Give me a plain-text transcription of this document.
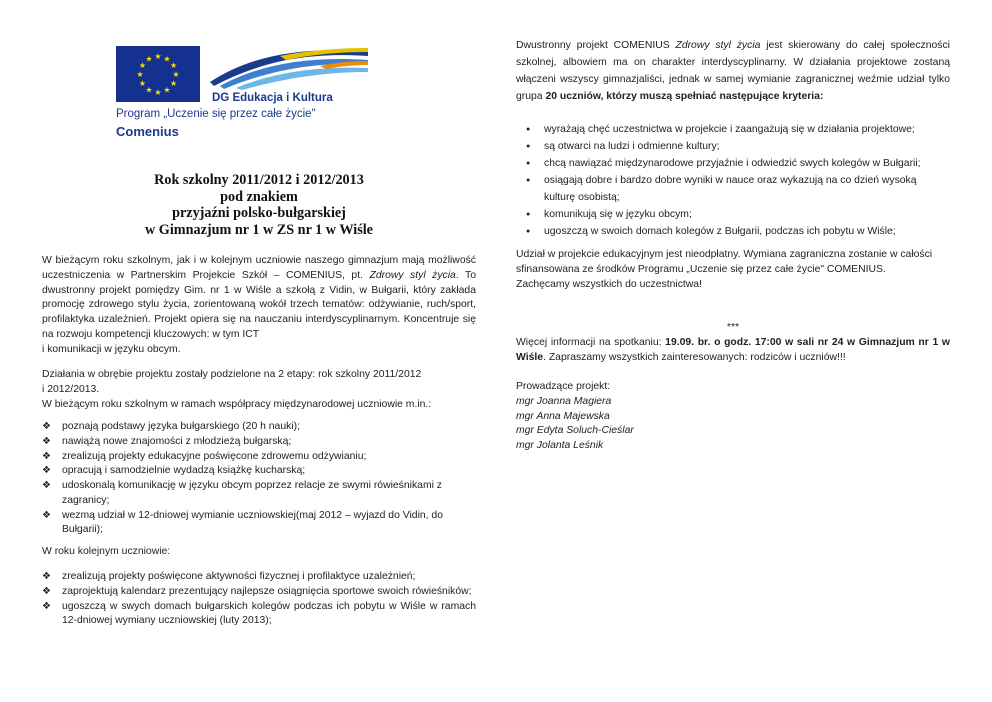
★ ★
★
★
★
★
★
★
★
★
★
★
DG Edukacja i Kultura
Program „Uczenie się przez całe życie"
Comenius
Rok szkolny 2011/2012 i 2012/2013
pod znakiem
przyjaźni polsko-bułgarskiej
w Gimnazjum nr 1 w ZS nr 1 w Wiśle

W bieżącym roku szkolnym, jak i w kolejnym uczniowie naszego gimnazjum mają możliwość uczestniczenia w Partnerskim Projekcie Szkół – COMENIUS, pt. Zdrowy styl życia. To dwustronny projekt pomiędzy Gim. nr 1 w Wiśle a szkołą z Vidin, w Bułgarii, który zakłada promocję zdrowego stylu życia, zorientowaną wokół trzech tematów: odżywianie, ruch/sport, profilaktyka uzależnień. Projekt opiera się na nauczaniu interdyscyplinarnym. Koncentruje się na rozwoju kompetencji kluczowych: w tym ICT
i komunikacji w języku obcym.

Działania w obrębie projektu zostały podzielone na 2 etapy: rok szkolny 2011/2012
i 2012/2013.
W bieżącym roku szkolnym w ramach współpracy międzynarodowej uczniowie m.in.:
❖ poznają podstawy języka bułgarskiego (20 h nauki);
❖ nawiążą nowe znajomości z młodzieżą bułgarską;
❖ zrealizują projekty edukacyjne poświęcone zdrowemu odżywianiu;
❖ opracują i samodzielnie wydadzą książkę kucharską;
❖ udoskonalą komunikację w języku obcym poprzez relacje ze swymi rówieśnikami z zagranicy;
❖ wezmą udział w 12-dniowej wymianie uczniowskiej(maj 2012 – wyjazd do Vidin, do Bułgarii);
W roku kolejnym uczniowie:
❖ zrealizują projekty poświęcone aktywności fizycznej i profilaktyce uzależnień;
❖ zaprojektują kalendarz prezentujący najlepsze osiągnięcia sportowe swoich rówieśników;
❖ ugoszczą w swych domach bułgarskich kolegów podczas ich pobytu w Wiśle w ramach 12-dniowej wymiany uczniowskiej (luty 2013);

Dwustronny projekt COMENIUS Zdrowy styl życia jest skierowany do całej społeczności szkolnej, albowiem ma on charakter interdyscyplinarny. W działania projektowe zostaną włączeni wszyscy gimnazjaliści, jednak w samej wymianie zagranicznej weźmie udział tylko grupa 20 uczniów, którzy muszą spełniać następujące kryteria:

● wyrażają chęć uczestnictwa w projekcie i zaangażują się w działania projektowe;
● są otwarci na ludzi i odmienne kultury;
● chcą nawiązać międzynarodowe przyjaźnie i odwiedzić swych kolegów w Bułgarii;
● osiągają dobre i bardzo dobre wyniki w nauce oraz wykazują na co dzień wysoką kulturę osobistą;
● komunikują się w języku obcym;
● ugoszczą w swoich domach kolegów z Bułgarii, podczas ich pobytu w Wiśle;
Udział w projekcie edukacyjnym jest nieodpłatny. Wymiana zagraniczna zostanie w całości sfinansowana ze środków Programu „Uczenie się przez całe życie" COMENIUS.
Zachęcamy wszystkich do uczestnictwa!
***

Więcej informacji na spotkaniu: 19.09. br. o godz. 17:00 w sali nr 24 w Gimnazjum nr 1 w Wiśle. Zapraszamy wszystkich zainteresowanych: rodziców i uczniów!!!

Prowadzące projekt:
mgr Joanna Magiera
mgr Anna Majewska
mgr Edyta Soluch-Cieślar
mgr Jolanta Leśnik
